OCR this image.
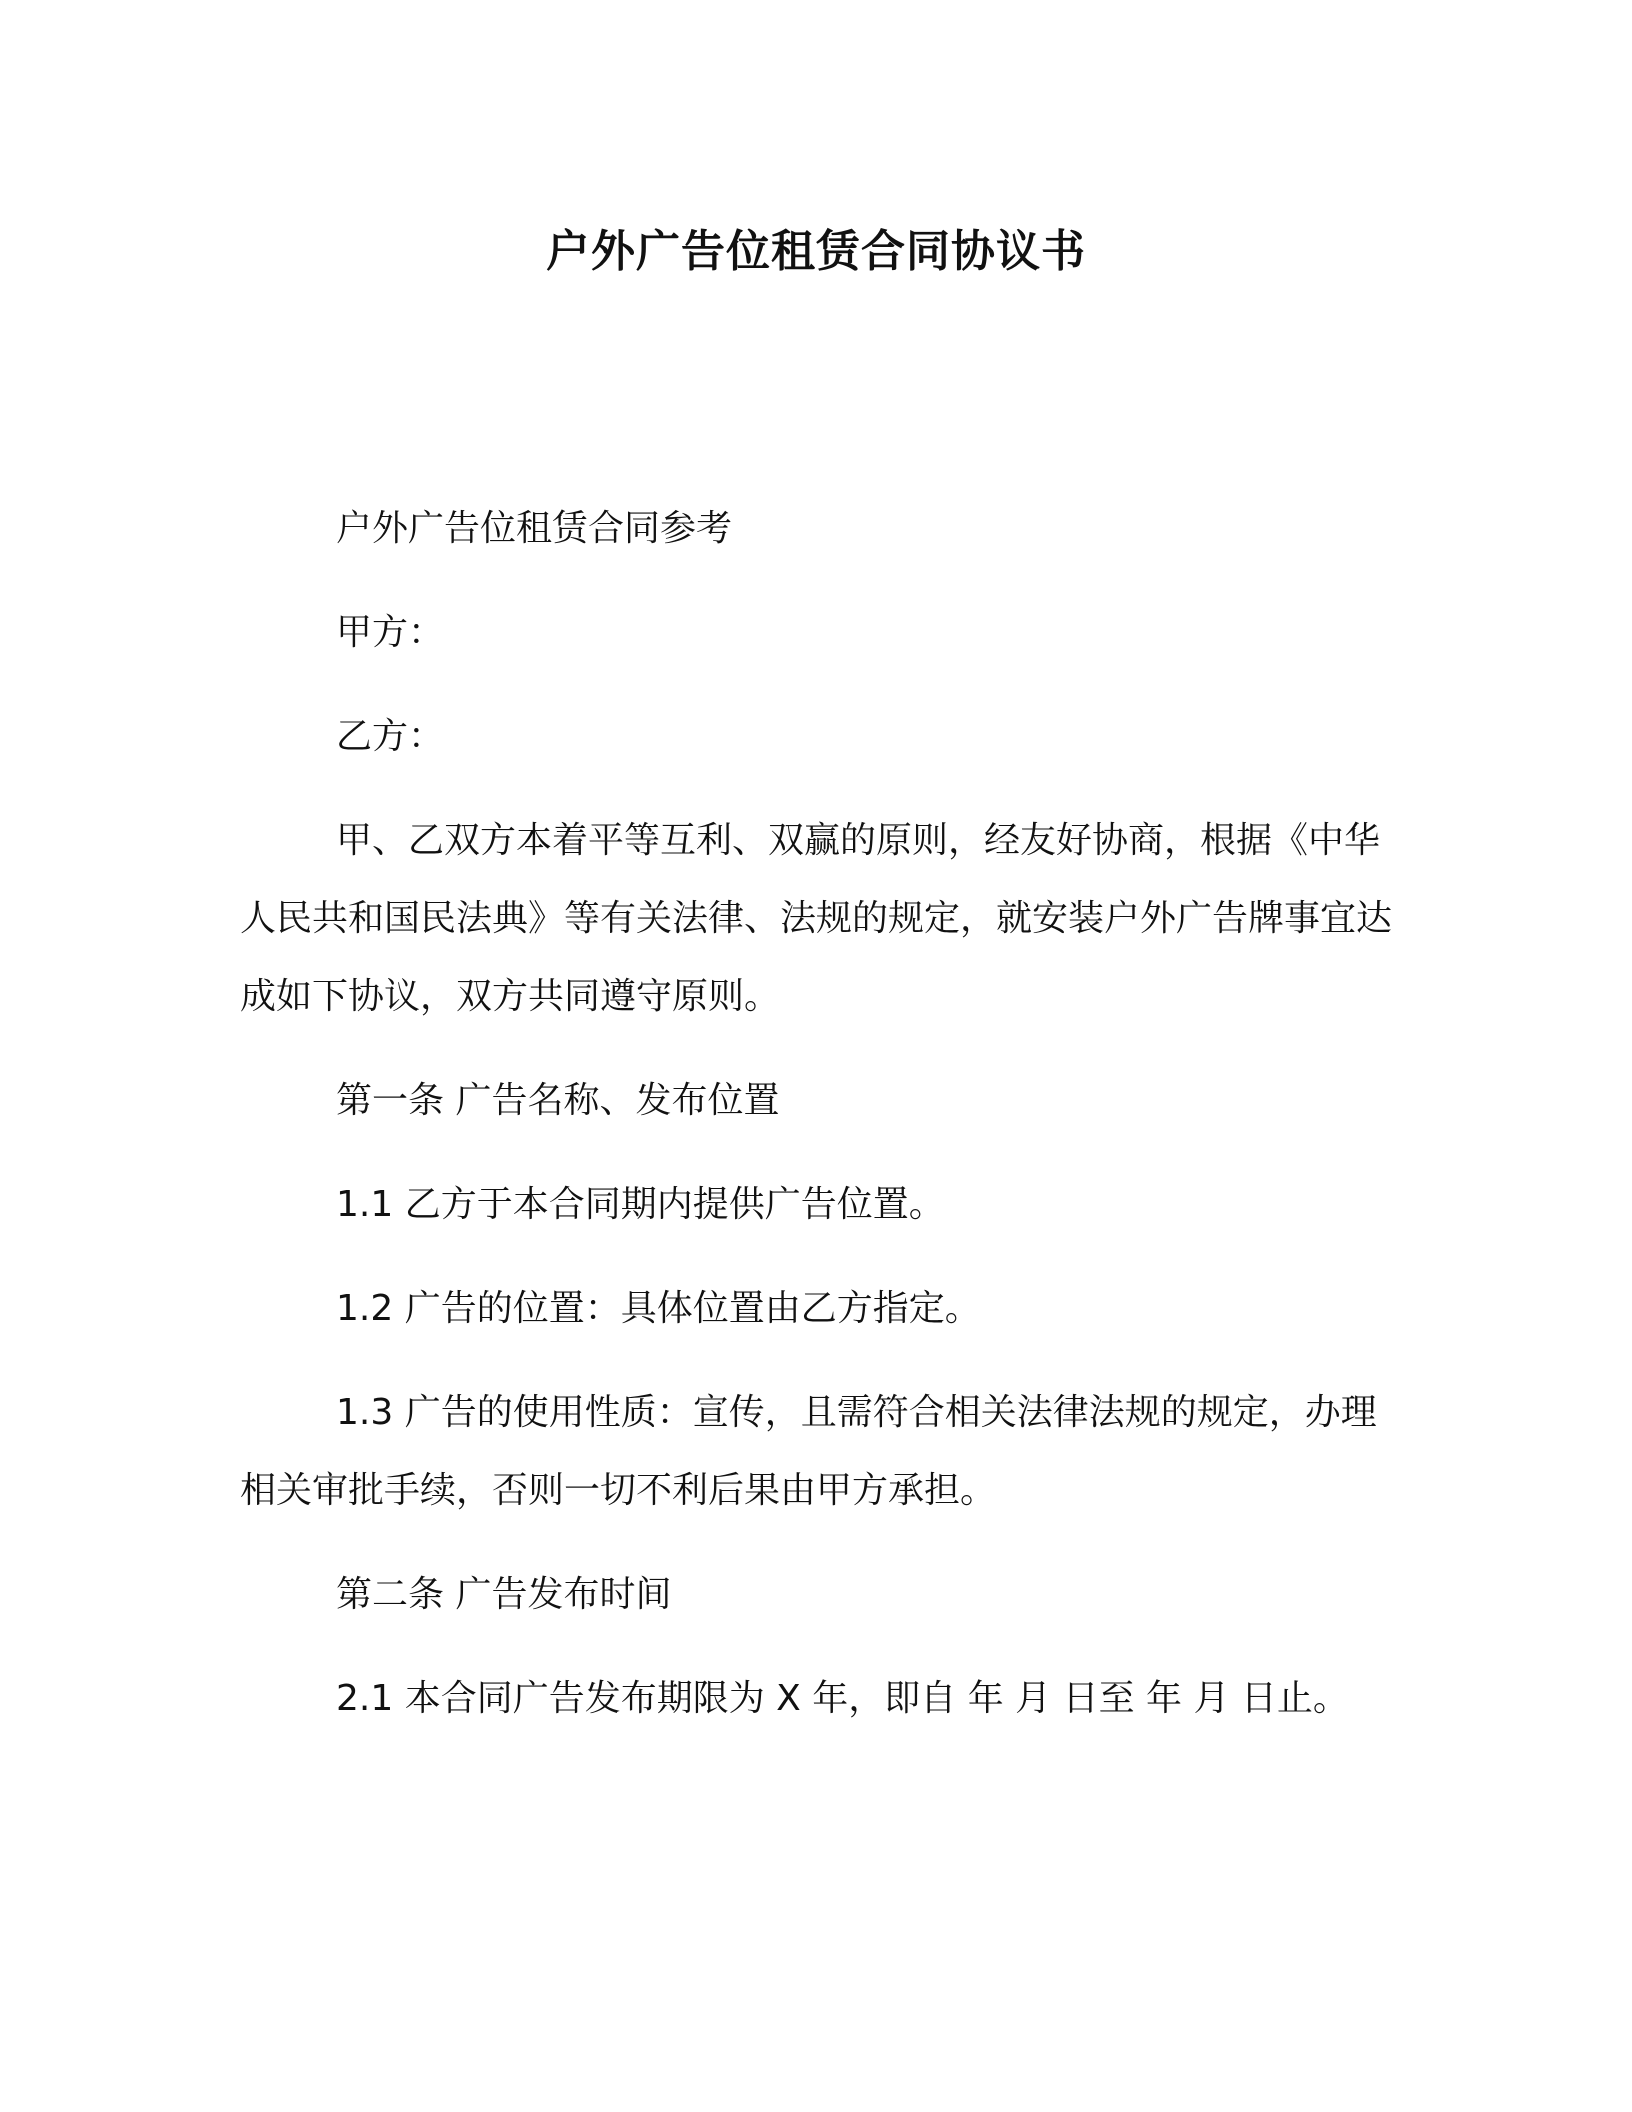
户外广告位租赁合同协议书

户外广告位租赁合同参考

甲方：

乙方：

甲、乙双方本着平等互利、双赢的原则，经友好协商，根据《中华人民共和国民法典》等有关法律、法规的规定，就安装户外广告牌事宜达成如下协议，双方共同遵守原则。

第一条 广告名称、发布位置

1.1 乙方于本合同期内提供广告位置。

1.2 广告的位置：具体位置由乙方指定。

1.3 广告的使用性质：宣传，且需符合相关法律法规的规定，办理相关审批手续，否则一切不利后果由甲方承担。

第二条 广告发布时间

2.1 本合同广告发布期限为 X 年，即自 年 月 日至 年 月 日止。
